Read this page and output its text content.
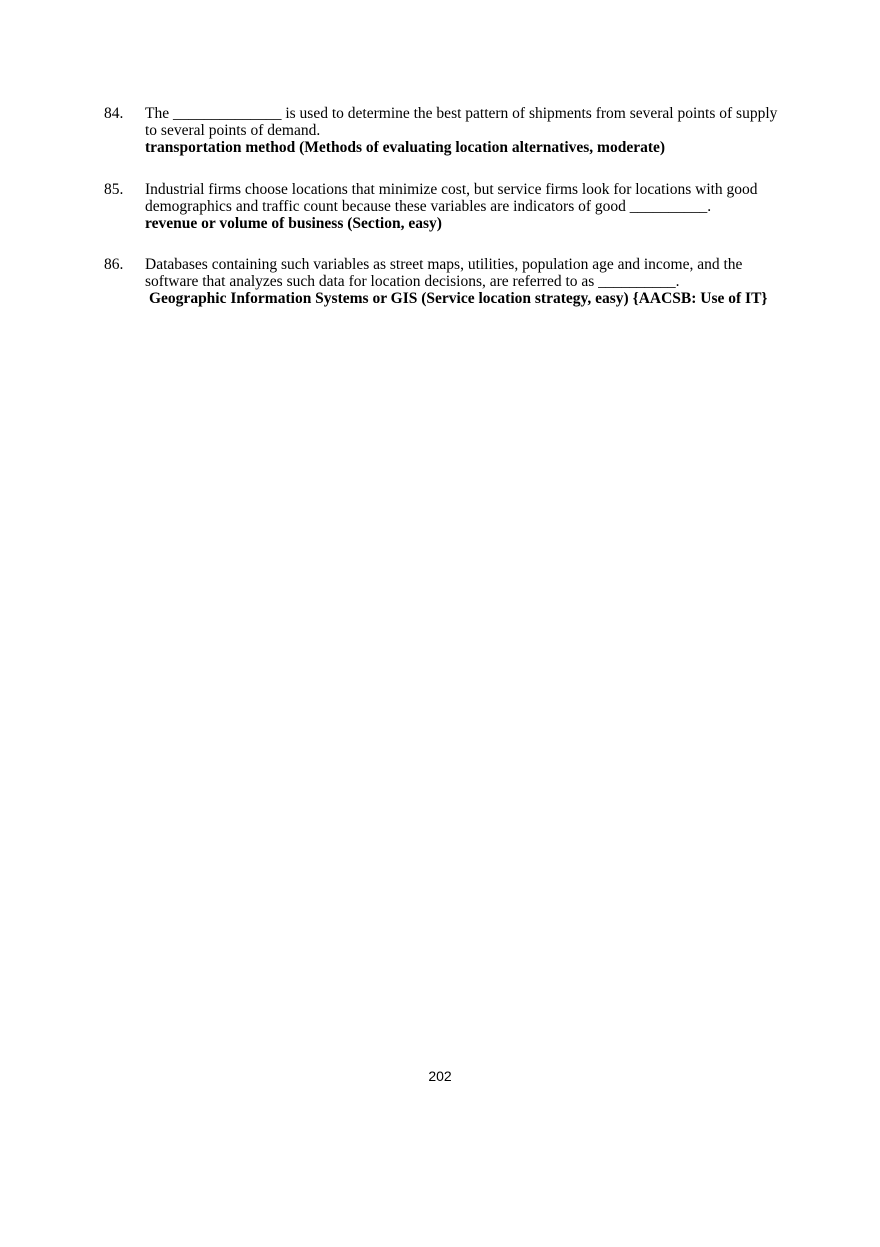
84.	The ______________ is used to determine the best pattern of shipments from several points of supply to several points of demand.
transportation method (Methods of evaluating location alternatives, moderate)
85.	Industrial firms choose locations that minimize cost, but service firms look for locations with good demographics and traffic count because these variables are indicators of good __________.
revenue or volume of business (Section, easy)
86.	Databases containing such variables as street maps, utilities, population age and income, and the software that analyzes such data for location decisions, are referred to as __________.
Geographic Information Systems or GIS (Service location strategy, easy) {AACSB: Use of IT}
202
